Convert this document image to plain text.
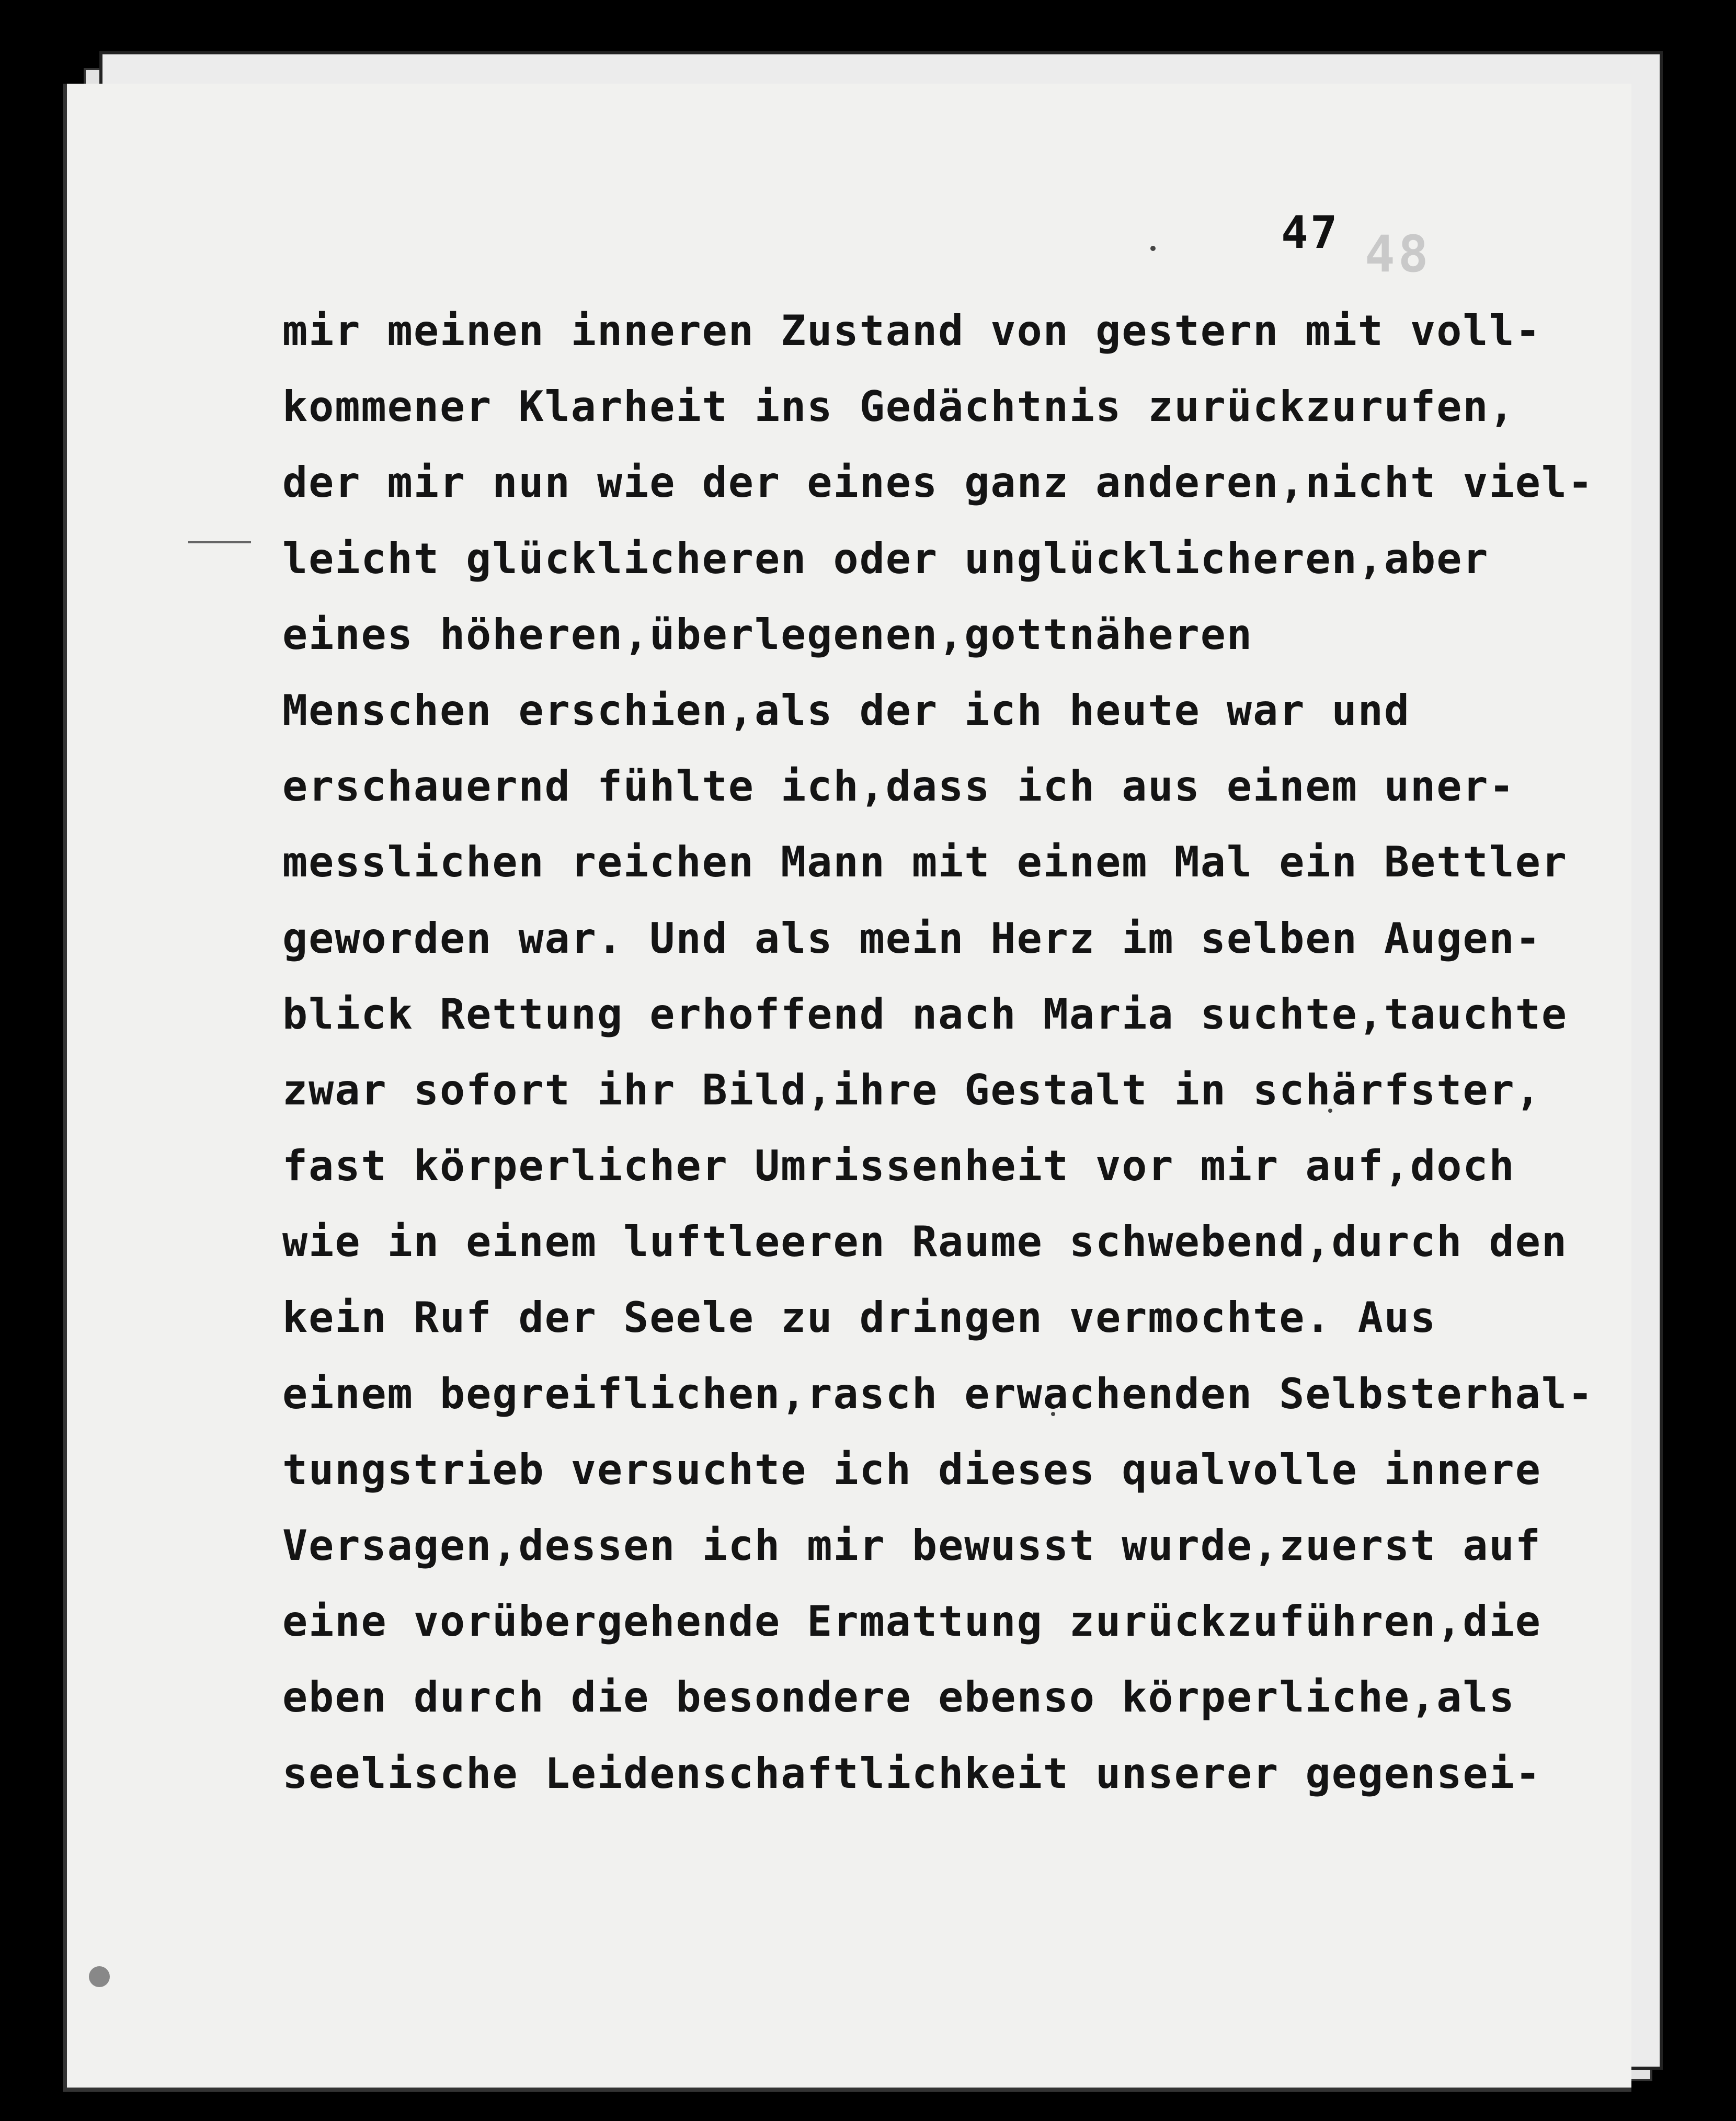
48
47
mir meinen inneren Zustand von gestern mit voll-
kommener Klarheit ins Gedächtnis zurückzurufen,
der mir nun wie der eines ganz anderen,nicht viel-
leicht glücklicheren oder unglücklicheren,aber
eines höheren,überlegenen,gottnäheren
Menschen erschien,als der ich heute war und
erschauernd fühlte ich,dass ich aus einem uner-
messlichen reichen Mann mit einem Mal ein Bettler
geworden war. Und als mein Herz im selben Augen-
blick Rettung erhoffend nach Maria suchte,tauchte
zwar sofort ihr Bild,ihre Gestalt in schärfster,
fast körperlicher Umrissenheit vor mir auf,doch
wie in einem luftleeren Raume schwebend,durch den
kein Ruf der Seele zu dringen vermochte. Aus
einem begreiflichen,rasch erwachenden Selbsterhal-
tungstrieb versuchte ich dieses qualvolle innere
Versagen,dessen ich mir bewusst wurde,zuerst auf
eine vorübergehende Ermattung zurückzuführen,die
eben durch die besondere ebenso körperliche,als
seelische Leidenschaftlichkeit unserer gegensei-
